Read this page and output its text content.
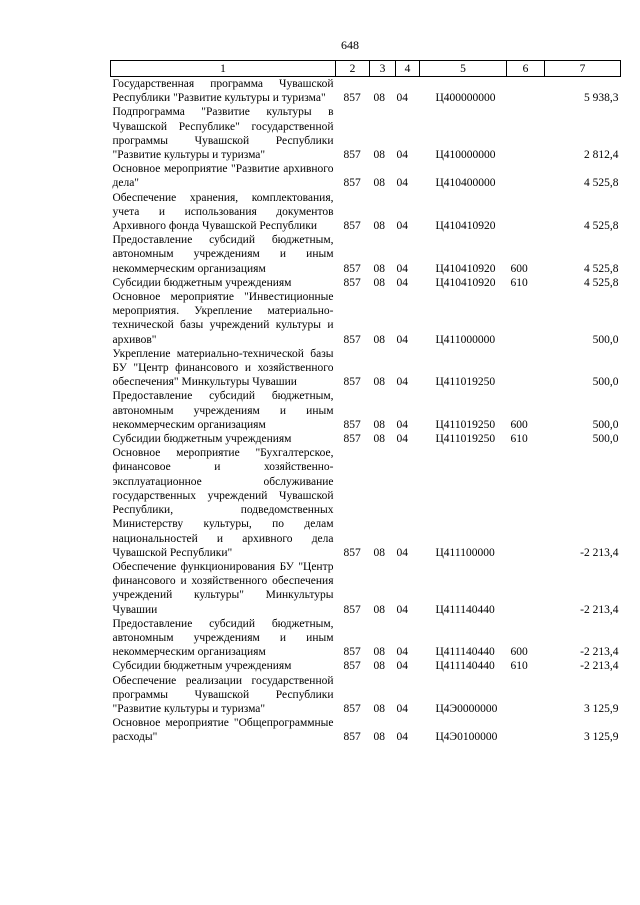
648
1	2	3	4	5	6	7
Государственная программа Чувашской Республики "Развитие культуры и туризма"	857	08	04	Ц400000000		5 938,3
Подпрограмма "Развитие культуры в Чувашской Республике" государственной программы Чувашской Республики "Развитие культуры и туризма"	857	08	04	Ц410000000		2 812,4
Основное мероприятие "Развитие архивного дела"	857	08	04	Ц410400000		4 525,8
Обеспечение хранения, комплектования, учета и использования документов Архивного фонда Чувашской Республики	857	08	04	Ц410410920		4 525,8
Предоставление субсидий бюджетным, автономным учреждениям и иным некоммерческим организациям	857	08	04	Ц410410920	600	4 525,8
Субсидии бюджетным учреждениям	857	08	04	Ц410410920	610	4 525,8
Основное мероприятие "Инвестиционные мероприятия. Укрепление материально-технической базы учреждений культуры и архивов"	857	08	04	Ц411000000		500,0
Укрепление материально-технической базы БУ "Центр финансового и хозяйственного обеспечения" Минкультуры Чувашии	857	08	04	Ц411019250		500,0
Предоставление субсидий бюджетным, автономным учреждениям и иным некоммерческим организациям	857	08	04	Ц411019250	600	500,0
Субсидии бюджетным учреждениям	857	08	04	Ц411019250	610	500,0
Основное мероприятие "Бухгалтерское, финансовое и хозяйственно-эксплуатационное обслуживание государственных учреждений Чувашской Республики, подведомственных Министерству культуры, по делам национальностей и архивного дела Чувашской Республики"	857	08	04	Ц411100000		-2 213,4
Обеспечение функционирования БУ "Центр финансового и хозяйственного обеспечения учреждений культуры" Минкультуры Чувашии	857	08	04	Ц411140440		-2 213,4
Предоставление субсидий бюджетным, автономным учреждениям и иным некоммерческим организациям	857	08	04	Ц411140440	600	-2 213,4
Субсидии бюджетным учреждениям	857	08	04	Ц411140440	610	-2 213,4
Обеспечение реализации государственной программы Чувашской Республики "Развитие культуры и туризма"	857	08	04	Ц4Э0000000		3 125,9
Основное мероприятие "Общепрограммные расходы"	857	08	04	Ц4Э0100000		3 125,9
